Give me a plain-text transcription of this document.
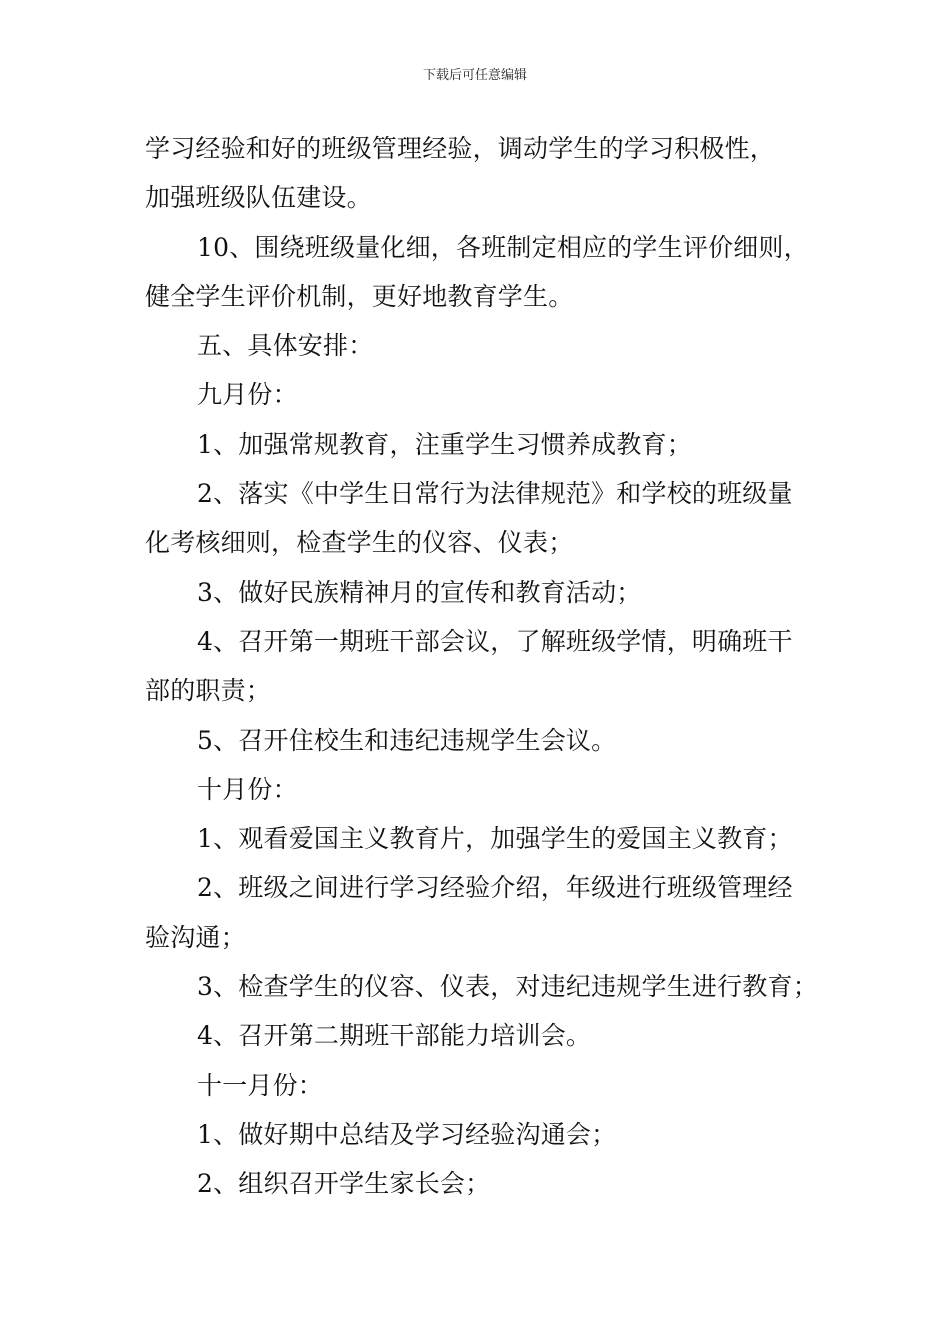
下载后可任意编辑

学习经验和好的班级管理经验，调动学生的学习积极性，

加强班级队伍建设。

10、围绕班级量化细，各班制定相应的学生评价细则，

健全学生评价机制，更好地教育学生。

五、具体安排：

九月份：

1、加强常规教育，注重学生习惯养成教育；

2、落实《中学生日常行为法律规范》和学校的班级量

化考核细则，检查学生的仪容、仪表；

3、做好民族精神月的宣传和教育活动；

4、召开第一期班干部会议，了解班级学情，明确班干

部的职责；

5、召开住校生和违纪违规学生会议。

十月份：

1、观看爱国主义教育片，加强学生的爱国主义教育；

2、班级之间进行学习经验介绍，年级进行班级管理经

验沟通；

3、检查学生的仪容、仪表，对违纪违规学生进行教育；

4、召开第二期班干部能力培训会。

十一月份：

1、做好期中总结及学习经验沟通会；

2、组织召开学生家长会；
